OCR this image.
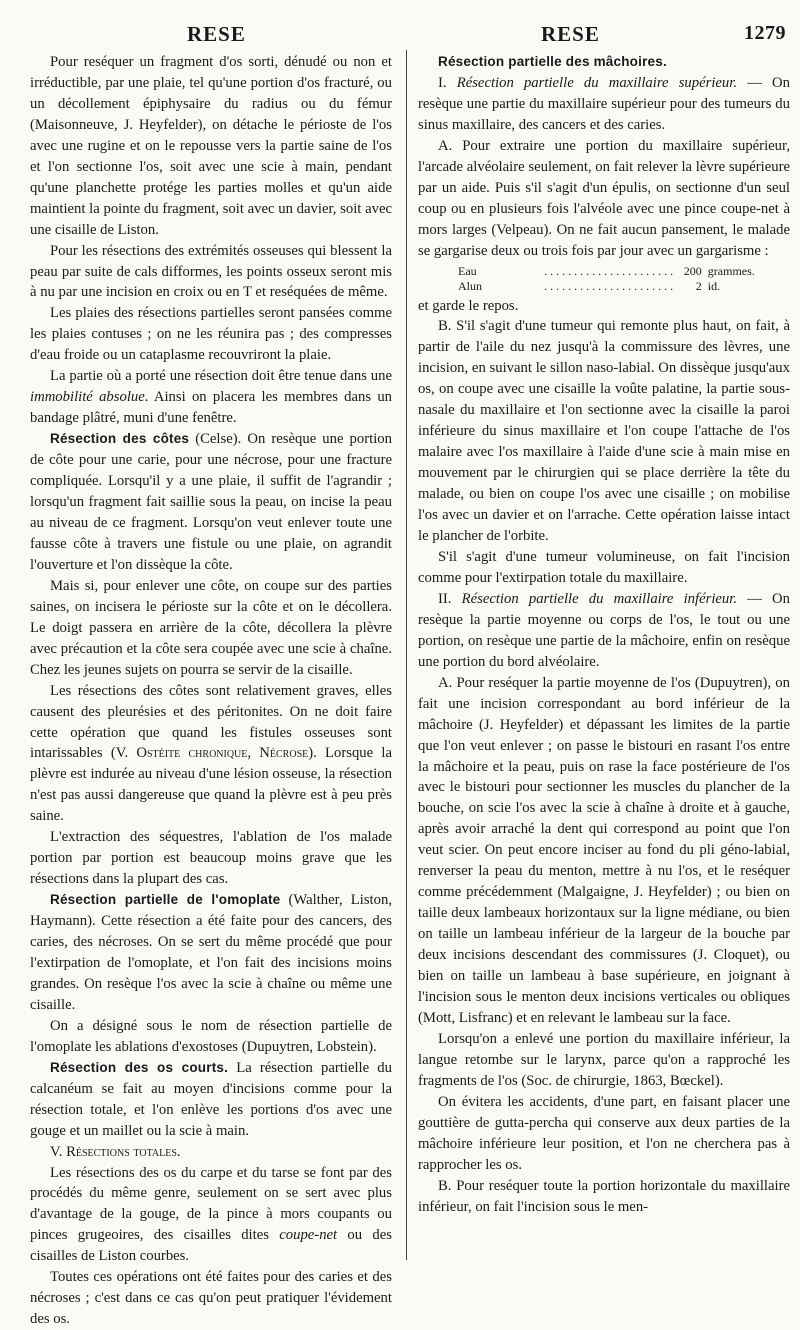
RESE	RESE	1279

Pour reséquer un fragment d'os sorti, dénudé ou non et irréductible, par une plaie, tel qu'une portion d'os fracturé, ou un décollement épiphysaire du radius ou du fémur (Maisonneuve, J. Heyfelder), on détache le périoste de l'os avec une rugine et on le repousse vers la partie saine de l'os et l'on sectionne l'os, soit avec une scie à main, pendant qu'une planchette protége les parties molles et qu'un aide maintient la pointe du fragment, soit avec un davier, soit avec une cisaille de Liston.

Pour les résections des extrémités osseuses qui blessent la peau par suite de cals difformes, les points osseux seront mis à nu par une incision en croix ou en T et reséquées de même.

Les plaies des résections partielles seront pansées comme les plaies contuses ; on ne les réunira pas ; des compresses d'eau froide ou un cataplasme recouvriront la plaie.

La partie où a porté une résection doit être tenue dans une immobilité absolue. Ainsi on placera les membres dans un bandage plâtré, muni d'une fenêtre.

Résection des côtes (Celse). On resèque une portion de côte pour une carie, pour une nécrose, pour une fracture compliquée. Lorsqu'il y a une plaie, il suffit de l'agrandir ; lorsqu'un fragment fait saillie sous la peau, on incise la peau au niveau de ce fragment. Lorsqu'on veut enlever toute une fausse côte à travers une fistule ou une plaie, on agrandit l'ouverture et l'on dissèque la côte.

Mais si, pour enlever une côte, on coupe sur des parties saines, on incisera le périoste sur la côte et on le décollera. Le doigt passera en arrière de la côte, décollera la plèvre avec précaution et la côte sera coupée avec une scie à chaîne. Chez les jeunes sujets on pourra se servir de la cisaille.

Les résections des côtes sont relativement graves, elles causent des pleurésies et des péritonites. On ne doit faire cette opération que quand les fistules osseuses sont intarissables (V. Ostéite chronique, Nécrose). Lorsque la plèvre est indurée au niveau d'une lésion osseuse, la résection n'est pas aussi dangereuse que quand la plèvre est à peu près saine.

L'extraction des séquestres, l'ablation de l'os malade portion par portion est beaucoup moins grave que les résections dans la plupart des cas.

Résection partielle de l'omoplate (Walther, Liston, Haymann). Cette résection a été faite pour des cancers, des caries, des nécroses. On se sert du même procédé que pour l'extirpation de l'omoplate, et l'on fait des incisions moins grandes. On resèque l'os avec la scie à chaîne ou même une cisaille.

On a désigné sous le nom de résection partielle de l'omoplate les ablations d'exostoses (Dupuytren, Lobstein).

Résection des os courts. La résection partielle du calcanéum se fait au moyen d'incisions comme pour la résection totale, et l'on enlève les portions d'os avec une gouge et un maillet ou la scie à main.

V. Résections totales.

Les résections des os du carpe et du tarse se font par des procédés du même genre, seulement on se sert avec plus d'avantage de la gouge, de la pince à mors coupants ou pinces grugeoires, des cisailles dites coupe-net ou des cisailles de Liston courbes.

Toutes ces opérations ont été faites pour des caries et des nécroses ; c'est dans ce cas qu'on peut pratiquer l'évidement des os.

Résection partielle des mâchoires.

I. Résection partielle du maxillaire supérieur. — On resèque une partie du maxillaire supérieur pour des tumeurs du sinus maxillaire, des cancers et des caries.

A. Pour extraire une portion du maxillaire supérieur, l'arcade alvéolaire seulement, on fait relever la lèvre supérieure par un aide. Puis s'il s'agit d'un épulis, on sectionne d'un seul coup ou en plusieurs fois l'alvéole avec une pince coupe-net à mors larges (Velpeau). On ne fait aucun pansement, le malade se gargarise deux ou trois fois par jour avec un gargarisme :

Eau	. . . . . . . . . . . . . . . . . . . . . . 200 grammes.
Alun	. . . . . . . . . . . . . . . . . . . . . .	2 id.

et garde le repos.

B. S'il s'agit d'une tumeur qui remonte plus haut, on fait, à partir de l'aile du nez jusqu'à la commissure des lèvres, une incision, en suivant le sillon naso-labial. On dissèque jusqu'aux os, on coupe avec une cisaille la voûte palatine, la partie sous-nasale du maxillaire et l'on sectionne avec la cisaille la paroi inférieure du sinus maxillaire et l'on coupe l'attache de l'os malaire avec l'os maxillaire à l'aide d'une scie à main mise en mouvement par le chirurgien qui se place derrière la tête du malade, ou bien on coupe l'os avec une cisaille ; on mobilise l'os avec un davier et on l'arrache. Cette opération laisse intact le plancher de l'orbite.

S'il s'agit d'une tumeur volumineuse, on fait l'incision comme pour l'extirpation totale du maxillaire.

II. Résection partielle du maxillaire inférieur. — On resèque la partie moyenne ou corps de l'os, le tout ou une portion, on resèque une partie de la mâchoire, enfin on resèque une portion du bord alvéolaire.

A. Pour reséquer la partie moyenne de l'os (Dupuytren), on fait une incision correspondant au bord inférieur de la mâchoire (J. Heyfelder) et dépassant les limites de la partie que l'on veut enlever ; on passe le bistouri en rasant l'os entre la mâchoire et la peau, puis on rase la face postérieure de l'os avec le bistouri pour sectionner les muscles du plancher de la bouche, on scie l'os avec la scie à chaîne à droite et à gauche, après avoir arraché la dent qui correspond au point que l'on veut scier. On peut encore inciser au fond du pli géno-labial, renverser la peau du menton, mettre à nu l'os, et le reséquer comme précédemment (Malgaigne, J. Heyfelder) ; ou bien on taille deux lambeaux horizontaux sur la ligne médiane, ou bien on taille un lambeau inférieur de la largeur de la bouche par deux incisions descendant des commissures (J. Cloquet), ou bien on taille un lambeau à base supérieure, en joignant à l'incision sous le menton deux incisions verticales ou obliques (Mott, Lisfranc) et en relevant le lambeau sur la face.

Lorsqu'on a enlevé une portion du maxillaire inférieur, la langue retombe sur le larynx, parce qu'on a rapproché les fragments de l'os (Soc. de chirurgie, 1863, Bœckel).

On évitera les accidents, d'une part, en faisant placer une gouttière de gutta-percha qui conserve aux deux parties de la mâchoire inférieure leur position, et l'on ne cherchera pas à rapprocher les os.

B. Pour reséquer toute la portion horizontale du maxillaire inférieur, on fait l'incision sous le men-
